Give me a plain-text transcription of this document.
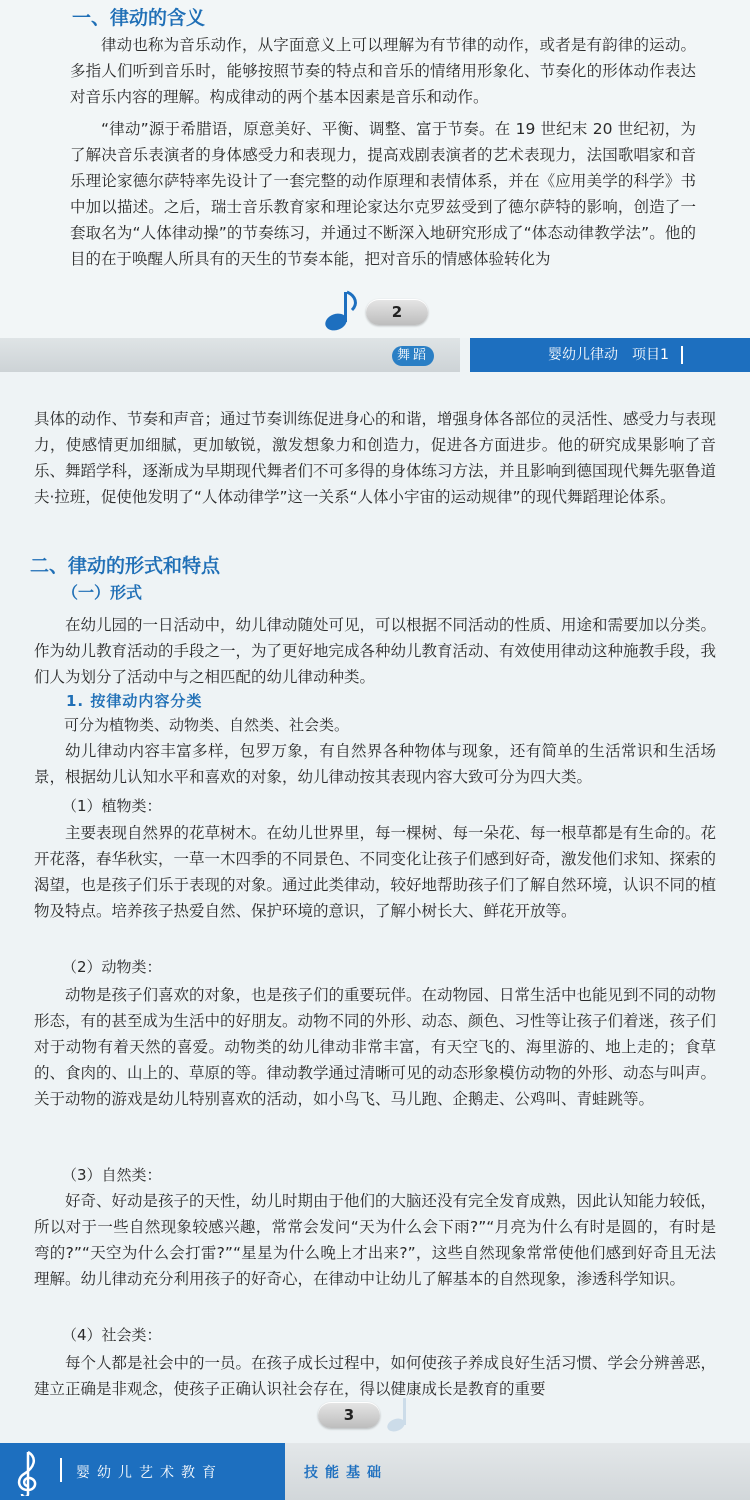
一、律动的含义

律动也称为音乐动作，从字面意义上可以理解为有节律的动作，或者是有韵律的运动。多指人们听到音乐时，能够按照节奏的特点和音乐的情绪用形象化、节奏化的形体动作表达对音乐内容的理解。构成律动的两个基本因素是音乐和动作。

“律动”源于希腊语，原意美好、平衡、调整、富于节奏。在 19 世纪末 20 世纪初，为了解决音乐表演者的身体感受力和表现力，提高戏剧表演者的艺术表现力，法国歌唱家和音乐理论家德尔萨特率先设计了一套完整的动作原理和表情体系，并在《应用美学的科学》书中加以描述。之后，瑞士音乐教育家和理论家达尔克罗兹受到了德尔萨特的影响，创造了一套取名为“人体律动操”的节奏练习，并通过不断深入地研究形成了“体态动律教学法”。他的目的在于唤醒人所具有的天生的节奏本能，把对音乐的情感体验转化为

2
舞蹈	婴幼儿律动　项目1

具体的动作、节奏和声音；通过节奏训练促进身心的和谐，增强身体各部位的灵活性、感受力与表现力，使感情更加细腻，更加敏锐，激发想象力和创造力，促进各方面进步。他的研究成果影响了音乐、舞蹈学科，逐渐成为早期现代舞者们不可多得的身体练习方法，并且影响到德国现代舞先驱鲁道夫·拉班，促使他发明了“人体动律学”这一关系“人体小宇宙的运动规律”的现代舞蹈理论体系。

二、律动的形式和特点
（一）形式

在幼儿园的一日活动中，幼儿律动随处可见，可以根据不同活动的性质、用途和需要加以分类。作为幼儿教育活动的手段之一，为了更好地完成各种幼儿教育活动、有效使用律动这种施教手段，我们人为划分了活动中与之相匹配的幼儿律动种类。

1. 按律动内容分类

可分为植物类、动物类、自然类、社会类。

幼儿律动内容丰富多样，包罗万象，有自然界各种物体与现象，还有简单的生活常识和生活场景，根据幼儿认知水平和喜欢的对象，幼儿律动按其表现内容大致可分为四大类。

（1）植物类：

主要表现自然界的花草树木。在幼儿世界里，每一棵树、每一朵花、每一根草都是有生命的。花开花落，春华秋实，一草一木四季的不同景色、不同变化让孩子们感到好奇，激发他们求知、探索的渴望，也是孩子们乐于表现的对象。通过此类律动，较好地帮助孩子们了解自然环境，认识不同的植物及特点。培养孩子热爱自然、保护环境的意识，了解小树长大、鲜花开放等。

（2）动物类：

动物是孩子们喜欢的对象，也是孩子们的重要玩伴。在动物园、日常生活中也能见到不同的动物形态，有的甚至成为生活中的好朋友。动物不同的外形、动态、颜色、习性等让孩子们着迷，孩子们对于动物有着天然的喜爱。动物类的幼儿律动非常丰富，有天空飞的、海里游的、地上走的；食草的、食肉的、山上的、草原的等。律动教学通过清晰可见的动态形象模仿动物的外形、动态与叫声。关于动物的游戏是幼儿特别喜欢的活动，如小鸟飞、马儿跑、企鹅走、公鸡叫、青蛙跳等。

（3）自然类：

好奇、好动是孩子的天性，幼儿时期由于他们的大脑还没有完全发育成熟，因此认知能力较低，所以对于一些自然现象较感兴趣，常常会发问“天为什么会下雨?”“月亮为什么有时是圆的，有时是弯的?”“天空为什么会打雷?”“星星为什么晚上才出来?”，这些自然现象常常使他们感到好奇且无法理解。幼儿律动充分利用孩子的好奇心，在律动中让幼儿了解基本的自然现象，渗透科学知识。

（4）社会类：

每个人都是社会中的一员。在孩子成长过程中，如何使孩子养成良好生活习惯、学会分辨善恶，建立正确是非观念，使孩子正确认识社会存在，得以健康成长是教育的重要

3
婴幼儿艺术教育	技能基础
